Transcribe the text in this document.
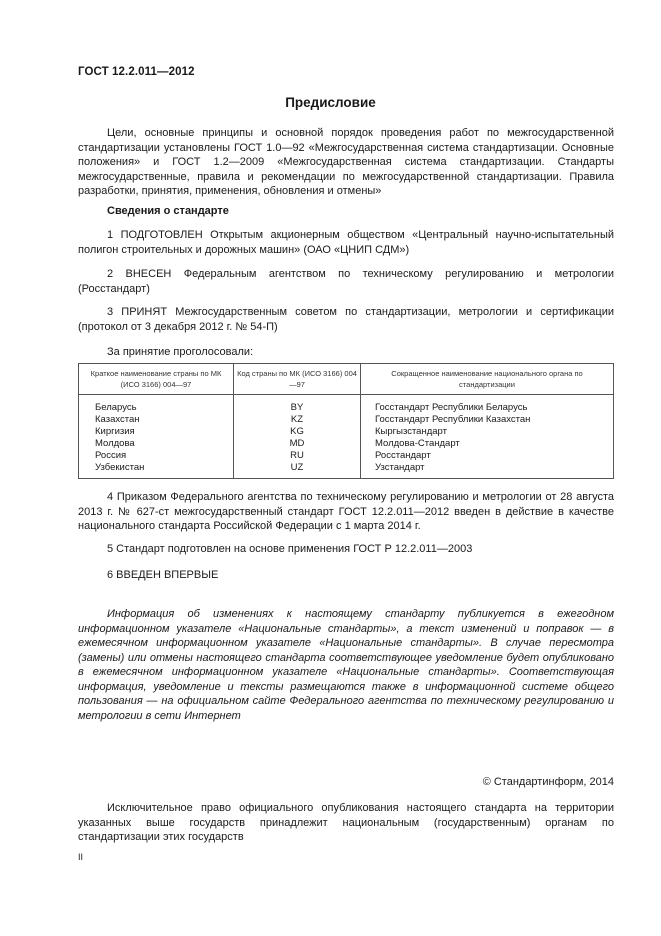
ГОСТ 12.2.011—2012
Предисловие

Цели, основные принципы и основной порядок проведения работ по межгосударственной стандартизации установлены ГОСТ 1.0—92 «Межгосударственная система стандартизации. Основные положения» и ГОСТ 1.2—2009 «Межгосударственная система стандартизации. Стандарты межгосударственные, правила и рекомендации по межгосударственной стандартизации. Правила разработки, принятия, применения, обновления и отмены»

Сведения о стандарте

1 ПОДГОТОВЛЕН Открытым акционерным обществом «Центральный научно-испытательный полигон строительных и дорожных машин» (ОАО «ЦНИП СДМ»)

2 ВНЕСЕН Федеральным агентством по техническому регулированию и метрологии (Росстандарт)

3 ПРИНЯТ Межгосударственным советом по стандартизации, метрологии и сертификации (протокол от 3 декабря 2012 г. № 54-П)

За принятие проголосовали:
Краткое наименование страны по МК (ИСО 3166) 004—97	Код страны по МК (ИСО 3166) 004—97	Сокращенное наименование национального органа по стандартизации
Беларусь	BY	Госстандарт Республики Беларусь
Казахстан	KZ	Госстандарт Республики Казахстан
Киргизия	KG	Кыргызстандарт
Молдова	MD	Молдова-Стандарт
Россия	RU	Росстандарт
Узбекистан	UZ	Узстандарт

4 Приказом Федерального агентства по техническому регулированию и метрологии от 28 августа 2013 г. № 627-ст межгосударственный стандарт ГОСТ 12.2.011—2012 введен в действие в качестве национального стандарта Российской Федерации с 1 марта 2014 г.

5 Стандарт подготовлен на основе применения ГОСТ Р 12.2.011—2003

6 ВВЕДЕН ВПЕРВЫЕ

Информация об изменениях к настоящему стандарту публикуется в ежегодном информационном указателе «Национальные стандарты», а текст изменений и поправок — в ежемесячном информационном указателе «Национальные стандарты». В случае пересмотра (замены) или отмены настоящего стандарта соответствующее уведомление будет опубликовано в ежемесячном информационном указателе «Национальные стандарты». Соответствующая информация, уведомление и тексты размещаются также в информационной системе общего пользования — на официальном сайте Федерального агентства по техническому регулированию и метрологии в сети Интернет

© Стандартинформ, 2014

Исключительное право официального опубликования настоящего стандарта на территории указанных выше государств принадлежит национальным (государственным) органам по стандартизации этих государств

II
